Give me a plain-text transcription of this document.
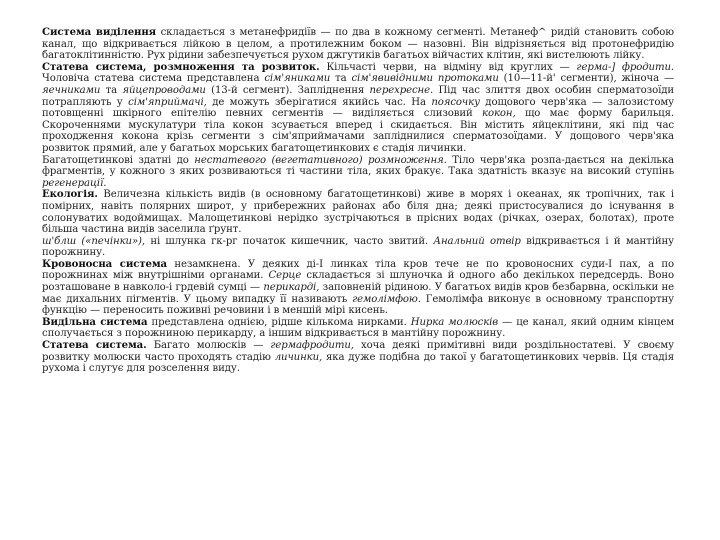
Система виділення складається з метанефридіїв — по два в кожному сегменті. Метанеф^ ридій становить собою канал, що відкривається лійкою в целом, а протилежним боком — назовні. Він відрізняється від протонефридію багатоклітинністю. Рух рідини забезпечується рухом джгутиків багатьох війчастих клітин, які вистелюють лійку.

Статева система, розмноження та розвиток. Кільчасті черви, на відміну від круглих — герма-] фродити. Чоловіча статева система представлена сім'яниками та сім'явивідними протоками (10—11-й' сегменти), жіноча — яечниками та яйцепроводами (13-й сегмент). Запліднення перехресне. Під час злиття двох особин сперматозоїди потрапляють у сім'яприймачі, де можуть зберігатися якийсь час. На поясочку дощового черв'яка — залозистому потовщенні шкірного епітелію певних сегментів — виділяється слизовий кокон, що має форму барильця. Скороченнями мускулатури тіла кокон зсувається вперед і скидається. Він містить яйцеклітини, які під час проходження кокона крізь сегменти з сім'яприймачами запліднилися сперматозоїдами. У дощового черв'яка розвиток прямий, але у багатьох морських багатощетинкових є стадія личинки.

Багатощетинкові здатні до нестатевого (вегетативного) розмноження. Тіло черв'яка розпа-дається на декілька фрагментів, у кожного з яких розвиваються ті частини тіла, яких бракує. Така здатність вказує на високий ступінь регенерації.

Екологія. Величезна кількість видів (в основному багатощетинкові) живе в морях і океанах, як тропічних, так і помірних, навіть полярних широт, у прибережних районах або біля дна; деякі пристосувалися до існування в солонуватих водоймищах. Малощетинкові нерідко зустрічаються в прісних водах (річках, озерах, болотах), проте більша частина видів заселила ґрунт.

ш'блш («печінки»), ні шлунка гк-рг початок кишечник, часто звитий. Анальний отвір відкривається і й мантійну порожнину.

Кровоносна система незамкнена. У деяких ді-І линках тіла кров тече не по кровоносних суди-І пах, а по порожнинах між внутрішніми органами. Серце складається зі шлуночка й одного або декількох передсердь. Воно розташоване в навколо-і грдевій сумці — перикарді, заповненій рідиною. У багатьох видів кров безбарвна, оскільки не має дихальних пігментів. У цьому випадку її називають гемолімфою. Гемолімфа виконує в основному транспортну функцію — переносить поживні речовини і в меншій мірі кисень.

Видільна система представлена однією, рідше кількома нирками. Нирка молюсків — це канал, який одним кінцем сполучається з порожниною перикарду, а іншим відкривається в мантійну порожнину.

Статева система. Багато молюсків — гермафродити, хоча деякі примітивні види роздільностатеві. У своєму розвитку молюски часто проходять стадію личинки, яка дуже подібна до такої у багатощетинкових червів. Ця стадія рухома і слугує для розселення виду.
